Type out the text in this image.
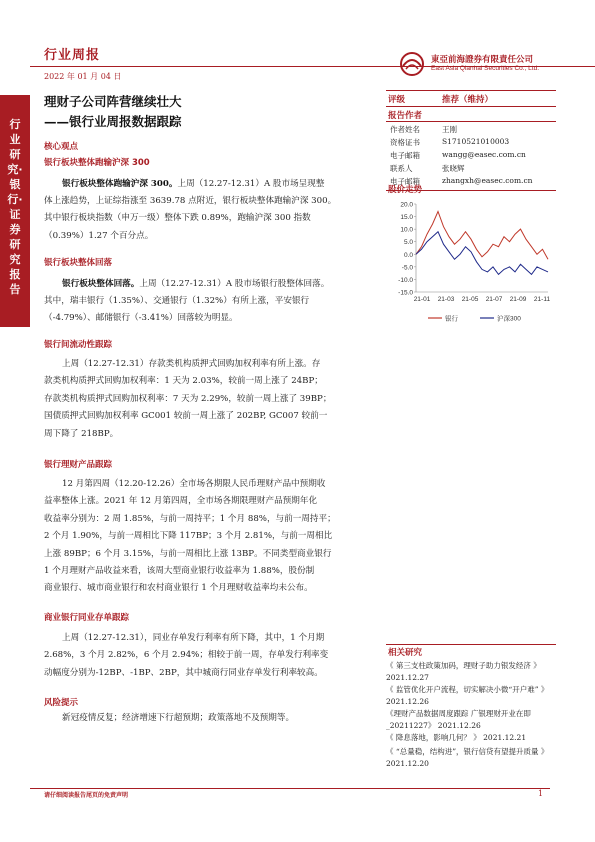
行业研究·银行·证券研究报告
行业周报
2022 年 01 月 04 日
東亞前海證券有限責任公司
East Asia Qianhai Securities Co., Ltd.
理财子公司阵营继续壮大
——银行业周报数据跟踪
核心观点
银行板块整体跑输沪深 300
银行板块整体跑输沪深 300。上周（12.27-12.31）A 股市场呈现整
体上涨趋势，上证综指涨至 3639.78 点附近，银行板块整体跑输沪深 300。
其中银行板块指数（申万一级）整体下跌 0.89%，跑输沪深 300 指数
（0.39%）1.27 个百分点。
银行板块整体回落
银行板块整体回落。上周（12.27-12.31）A 股市场银行股整体回落。
其中，瑞丰银行（1.35%）、交通银行（1.32%）有所上涨，平安银行
（-4.79%）、邮储银行（-3.41%）回落较为明显。
银行间流动性跟踪
上周（12.27-12.31）存款类机构质押式回购加权利率有所上涨。存
款类机构质押式回购加权利率：1 天为 2.03%，较前一周上涨了 24BP；
存款类机构质押式回购加权利率：7 天为 2.29%，较前一周上涨了 39BP；
国债质押式回购加权利率 GC001 较前一周上涨了 202BP, GC007 较前一
周下降了 218BP。
银行理财产品跟踪
12 月第四周（12.20-12.26）全市场各期限人民币理财产品中预期收
益率整体上涨。2021 年 12 月第四周，全市场各期限理财产品预期年化
收益率分别为：2 周 1.85%，与前一周持平；1 个月 88%，与前一周持平；
2 个月 1.90%，与前一周相比下降 117BP；3 个月 2.81%，与前一周相比
上涨 89BP；6 个月 3.15%，与前一周相比上涨 13BP。不同类型商业银行
1 个月理财产品收益来看，该周大型商业银行收益率为 1.88%，股份制
商业银行、城市商业银行和农村商业银行 1 个月理财收益率均未公布。
商业银行同业存单跟踪
上周（12.27-12.31），同业存单发行利率有所下降，其中，1 个月期
2.68%，3 个月 2.82%，6 个月 2.94%；相较于前一周，存单发行利率变
动幅度分别为-12BP、-1BP、2BP，其中城商行同业存单发行利率较高。
风险提示
新冠疫情反复；经济增速下行超预期；政策落地不及预期等。
评级	推荐（维持）
报告作者
作者姓名	王刚
资格证书	S1710521010003
电子邮箱	wangg@easec.com.cn
联系人	张晓辉
电子邮箱	zhangxh@easec.com.cn
股价走势
20.0
15.0
10.0
5.0
0.0
-5.0
-10.0
-15.0
21-01 21-03 21-05 21-07 21-09 21-11
银行	沪深300
相关研究
《 第三支柱政策加码，理财子助力银发经济 》 2021.12.27
《 监管优化开户流程，切实解决小微“开户难” 》 2021.12.26
《理财产品数据周度跟踪 广银理财开业在即_20211227》 2021.12.26
《 降息落地，影响几何？ 》 2021.12.21
《 “总量稳，结构进”，银行信贷有望提升质量 》 2021.12.20
请仔细阅读报告尾页的免责声明	1
